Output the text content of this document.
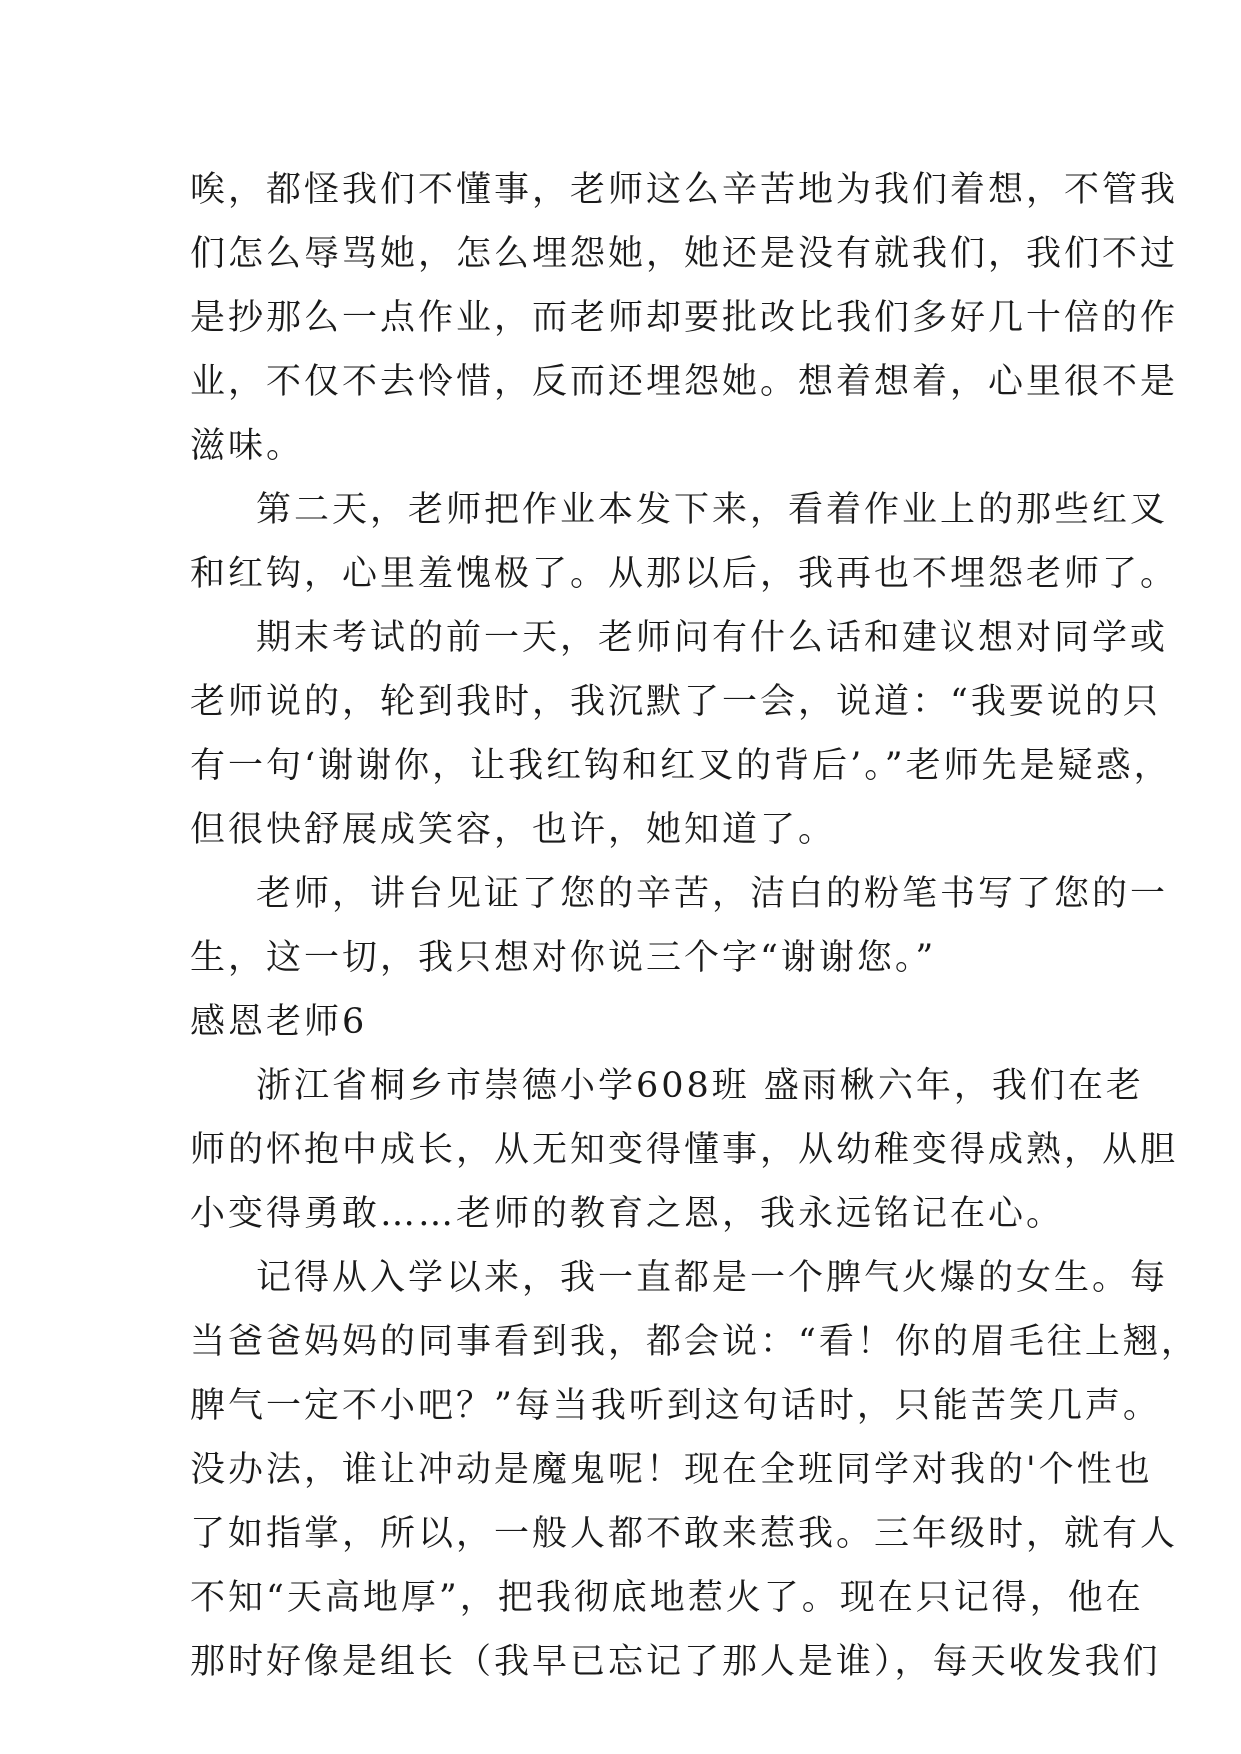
唉，都怪我们不懂事，老师这么辛苦地为我们着想，不管我
们怎么辱骂她，怎么埋怨她，她还是没有就我们，我们不过
是抄那么一点作业，而老师却要批改比我们多好几十倍的作
业，不仅不去怜惜，反而还埋怨她。想着想着，心里很不是
滋味。
第二天，老师把作业本发下来，看着作业上的那些红叉
和红钩，心里羞愧极了。从那以后，我再也不埋怨老师了。
期末考试的前一天，老师问有什么话和建议想对同学或
老师说的，轮到我时，我沉默了一会，说道：“我要说的只
有一句‘谢谢你，让我红钩和红叉的背后’。”老师先是疑惑，
但很快舒展成笑容，也许，她知道了。
老师，讲台见证了您的辛苦，洁白的粉笔书写了您的一
生，这一切，我只想对你说三个字“谢谢您。”
感恩老师6
浙江省桐乡市崇德小学608班 盛雨楸六年，我们在老
师的怀抱中成长，从无知变得懂事，从幼稚变得成熟，从胆
小变得勇敢……老师的教育之恩，我永远铭记在心。
记得从入学以来，我一直都是一个脾气火爆的女生。每
当爸爸妈妈的同事看到我，都会说：“看！你的眉毛往上翘，
脾气一定不小吧？”每当我听到这句话时，只能苦笑几声。
没办法，谁让冲动是魔鬼呢！现在全班同学对我的'个性也
了如指掌，所以，一般人都不敢来惹我。三年级时，就有人
不知“天高地厚”，把我彻底地惹火了。现在只记得，他在
那时好像是组长（我早已忘记了那人是谁），每天收发我们
